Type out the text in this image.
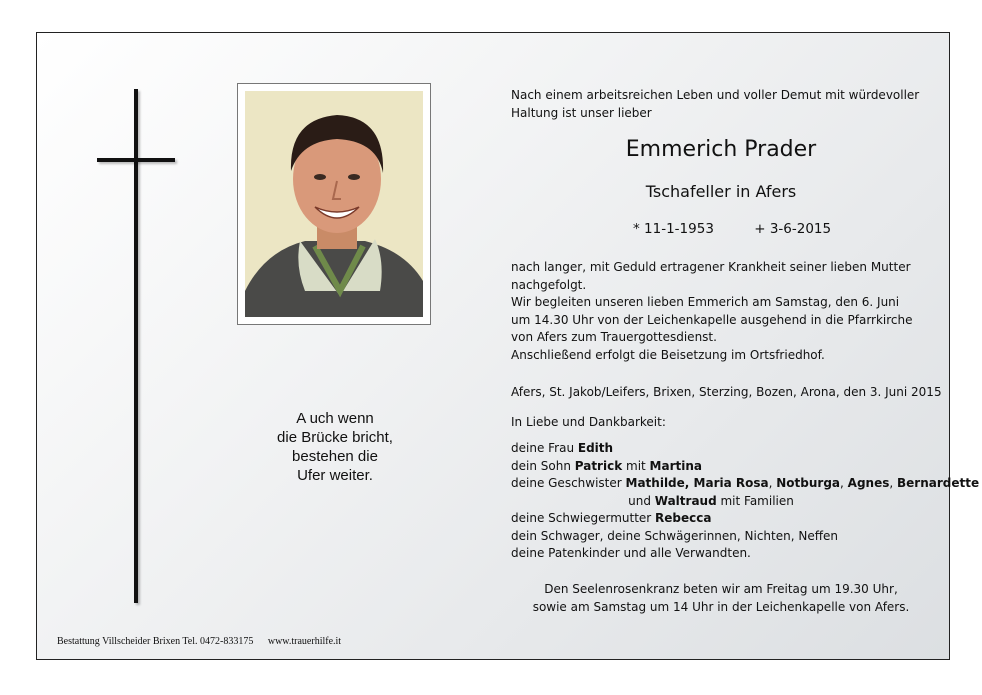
A uch wenn
die Brücke bricht,
bestehen die
Ufer weiter.
Nach einem arbeitsreichen Leben und voller Demut mit würdevoller
Haltung ist unser lieber
Emmerich Prader
Tschafeller in Afers
* 11-1-1953	+ 3-6-2015
nach langer, mit Geduld ertragener Krankheit seiner lieben Mutter
nachgefolgt.
Wir begleiten unseren lieben Emmerich am Samstag, den 6. Juni
um 14.30 Uhr von der Leichenkapelle ausgehend in die Pfarrkirche
von Afers zum Trauergottesdienst.
Anschließend erfolgt die Beisetzung im Ortsfriedhof.
Afers, St. Jakob/Leifers, Brixen, Sterzing, Bozen, Arona, den 3. Juni 2015
In Liebe und Dankbarkeit:
deine Frau Edith
dein Sohn Patrick mit Martina
deine Geschwister Mathilde, Maria Rosa, Notburga, Agnes, Bernardette
und Waltraud mit Familien
deine Schwiegermutter Rebecca
dein Schwager, deine Schwägerinnen, Nichten, Neffen
deine Patenkinder und alle Verwandten.
Den Seelenrosenkranz beten wir am Freitag um 19.30 Uhr,
sowie am Samstag um 14 Uhr in der Leichenkapelle von Afers.
Bestattung Villscheider Brixen Tel. 0472-833175 www.trauerhilfe.it
